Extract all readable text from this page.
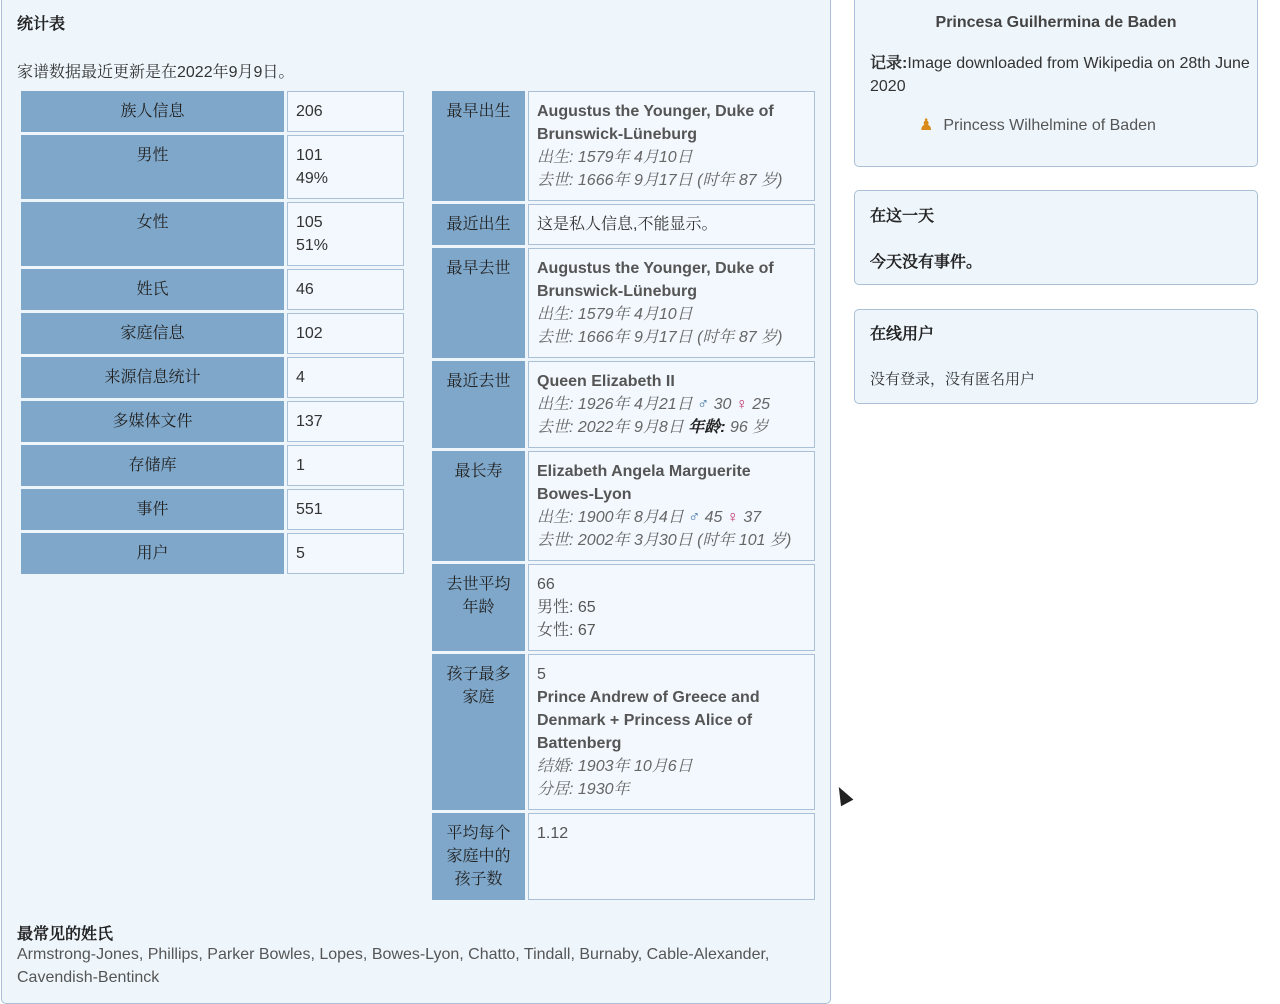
统计表
家谱数据最近更新是在2022年9月9日。
族人信息	206

男性	101
49%

女性	105
51%

姓氏	46

家庭信息	102

来源信息统计	4

多媒体文件	137

存储库	1

事件	551

用户	5
最早出生	Augustus the Younger, Duke of Brunswick-Lüneburg
出生: 1579年 4月10日
去世: 1666年 9月17日 (时年 87 岁)

最近出生	这是私人信息,不能显示。

最早去世	Augustus the Younger, Duke of Brunswick-Lüneburg
出生: 1579年 4月10日
去世: 1666年 9月17日 (时年 87 岁)

最近去世	Queen Elizabeth II
出生: 1926年 4月21日 ♂ 30 ♀ 25
去世: 2022年 9月8日 年龄: 96 岁

最长寿	Elizabeth Angela Marguerite Bowes-Lyon
出生: 1900年 8月4日 ♂ 45 ♀ 37
去世: 2002年 3月30日 (时年 101 岁)

去世平均年龄	66
男性: 65
女性: 67

孩子最多家庭	5
Prince Andrew of Greece and Denmark + Princess Alice of Battenberg
结婚: 1903年 10月6日
分居: 1930年

平均每个家庭中的孩子数	1.12
最常见的姓氏
Armstrong-Jones, Phillips, Parker Bowles, Lopes, Bowes-Lyon, Chatto, Tindall, Burnaby, Cable-Alexander, Cavendish-Bentinck
Princesa Guilhermina de Baden
记录:Image downloaded from Wikipedia on 28th June 2020
♟ Princess Wilhelmine of Baden
在这一天
今天没有事件。
在线用户
没有登录，没有匿名用户
